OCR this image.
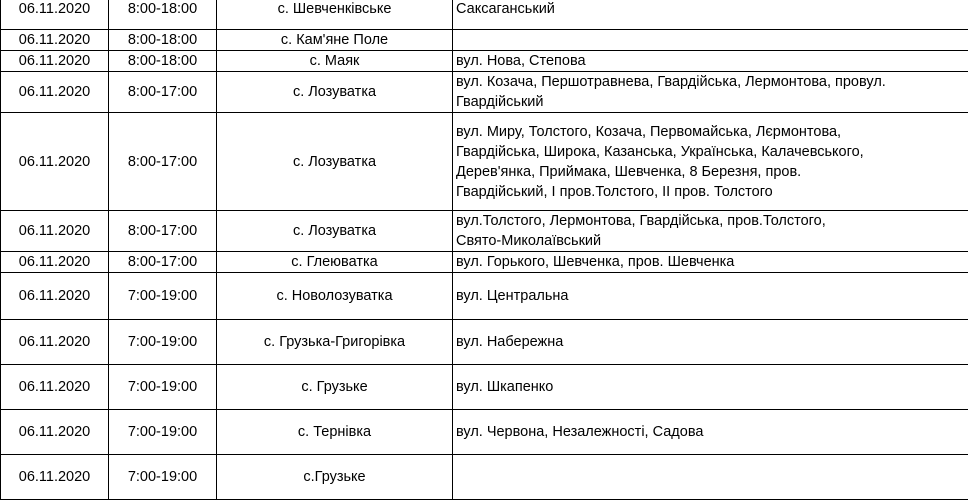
06.11.2020	8:00-18:00	с. Шевченківське	Саксаганський

06.11.2020	8:00-18:00	с. Кам'яне Поле	

06.11.2020	8:00-18:00	с. Маяк	вул. Нова, Степова

06.11.2020	8:00-17:00	с. Лозуватка	вул. Козача, Першотравнева, Гвардійська, Лермонтова, провул.
Гвардійський

06.11.2020	8:00-17:00	с. Лозуватка	вул. Миру, Толстого, Козача, Первомайська, Лєрмонтова,
Гвардійська, Широка, Казанська, Українська, Калачевського,
Дерев'янка, Приймака, Шевченка, 8 Березня, пров.
Гвардійський, І пров.Толстого, ІІ пров. Толстого

06.11.2020	8:00-17:00	с. Лозуватка	вул.Толстого, Лермонтова, Гвардійська, пров.Толстого,
Свято-Миколаївський

06.11.2020	8:00-17:00	с. Глеюватка	вул. Горького, Шевченка, пров. Шевченка

06.11.2020	7:00-19:00	с. Новолозуватка	вул. Центральна

06.11.2020	7:00-19:00	с. Грузька-Григорівка	вул. Набережна

06.11.2020	7:00-19:00	с. Грузьке	вул. Шкапенко

06.11.2020	7:00-19:00	с. Тернівка	вул. Червона, Незалежності, Садова

06.11.2020	7:00-19:00	с.Грузьке	
